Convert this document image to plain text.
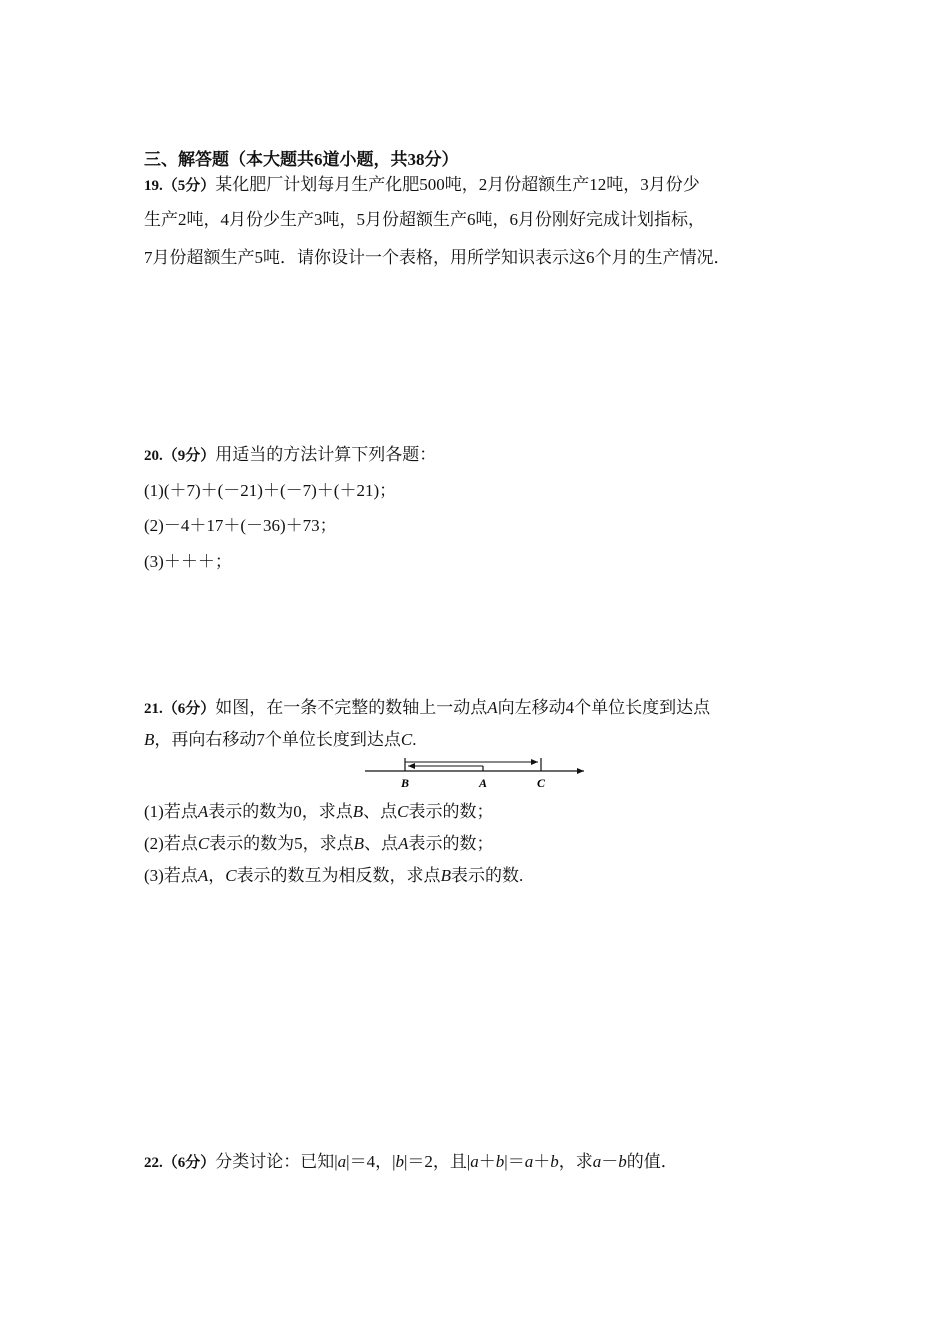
三、解答题（本大题共6道小题，共38分）
19.（5分）某化肥厂计划每月生产化肥500吨，2月份超额生产12吨，3月份少
生产2吨，4月份少生产3吨，5月份超额生产6吨，6月份刚好完成计划指标，
7月份超额生产5吨．请你设计一个表格，用所学知识表示这6个月的生产情况．
20.（9分）用适当的方法计算下列各题：
(1)(＋7)＋(－21)＋(－7)＋(＋21)；
(2)－4＋17＋(－36)＋73；
(3)＋＋＋；
21.（6分）如图，在一条不完整的数轴上一动点A向左移动4个单位长度到达点
B，再向右移动7个单位长度到达点C.
B	A	C
(1)若点A表示的数为0，求点B、点C表示的数；
(2)若点C表示的数为5，求点B、点A表示的数；
(3)若点A，C表示的数互为相反数，求点B表示的数.
22.（6分）分类讨论：已知|a|＝4，|b|＝2，且|a＋b|＝a＋b，求a－b的值．
